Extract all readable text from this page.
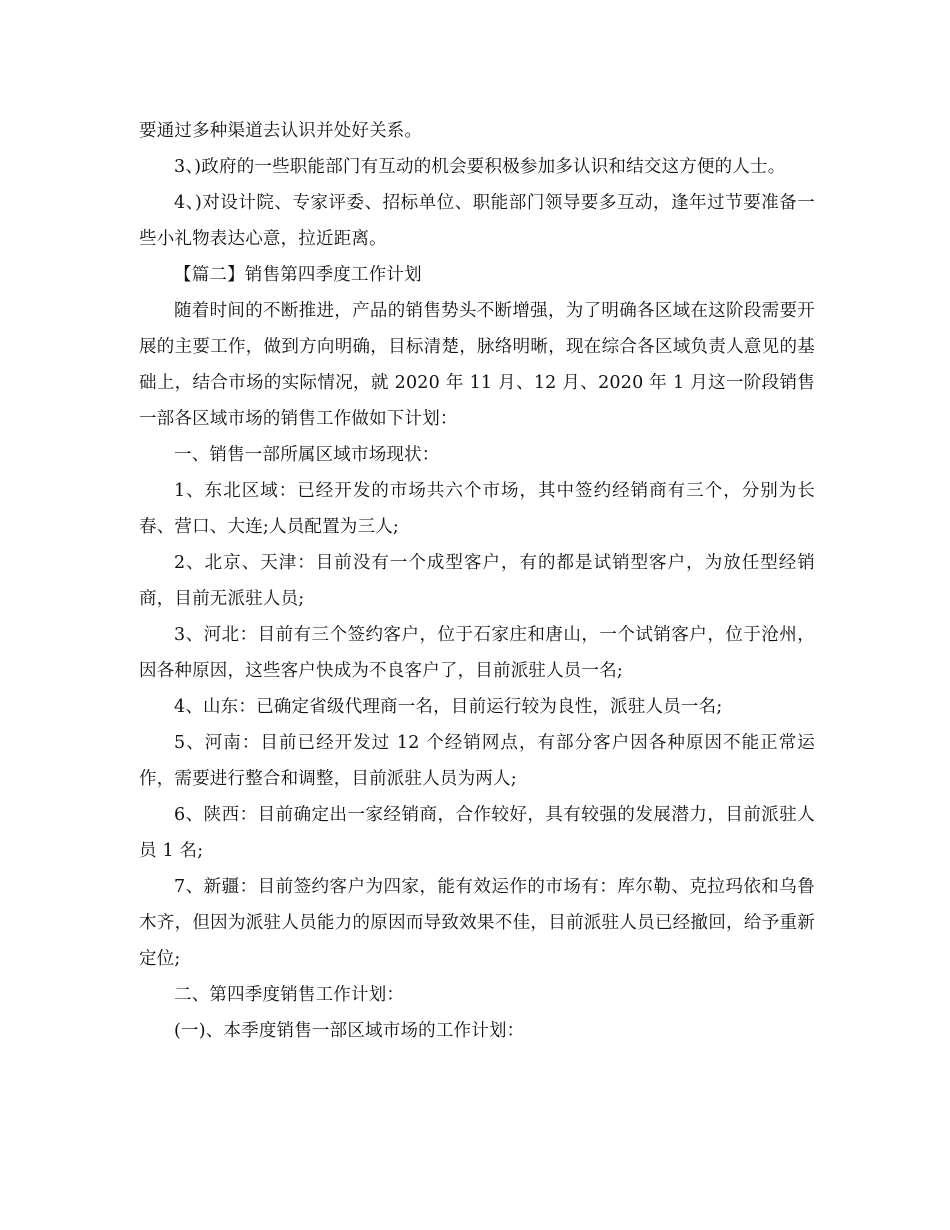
要通过多种渠道去认识并处好关系。

3、)政府的一些职能部门有互动的机会要积极参加多认识和结交这方便的人士。

4、)对设计院、专家评委、招标单位、职能部门领导要多互动，逢年过节要准备一些小礼物表达心意，拉近距离。

【篇二】销售第四季度工作计划

随着时间的不断推进，产品的销售势头不断增强，为了明确各区域在这阶段需要开展的主要工作，做到方向明确，目标清楚，脉络明晰，现在综合各区域负责人意见的基础上，结合市场的实际情况，就 2020 年 11 月、12 月、2020 年 1 月这一阶段销售一部各区域市场的销售工作做如下计划：

一、销售一部所属区域市场现状：

1、东北区域：已经开发的市场共六个市场，其中签约经销商有三个，分别为长春、营口、大连;人员配置为三人;

2、北京、天津：目前没有一个成型客户，有的都是试销型客户，为放任型经销商，目前无派驻人员;

3、河北：目前有三个签约客户，位于石家庄和唐山，一个试销客户，位于沧州，因各种原因，这些客户快成为不良客户了，目前派驻人员一名;

4、山东：已确定省级代理商一名，目前运行较为良性，派驻人员一名;

5、河南：目前已经开发过 12 个经销网点，有部分客户因各种原因不能正常运作，需要进行整合和调整，目前派驻人员为两人;

6、陕西：目前确定出一家经销商，合作较好，具有较强的发展潜力，目前派驻人员 1 名;

7、新疆：目前签约客户为四家，能有效运作的市场有：库尔勒、克拉玛依和乌鲁木齐，但因为派驻人员能力的原因而导致效果不佳，目前派驻人员已经撤回，给予重新定位;

二、第四季度销售工作计划：

(一)、本季度销售一部区域市场的工作计划：
